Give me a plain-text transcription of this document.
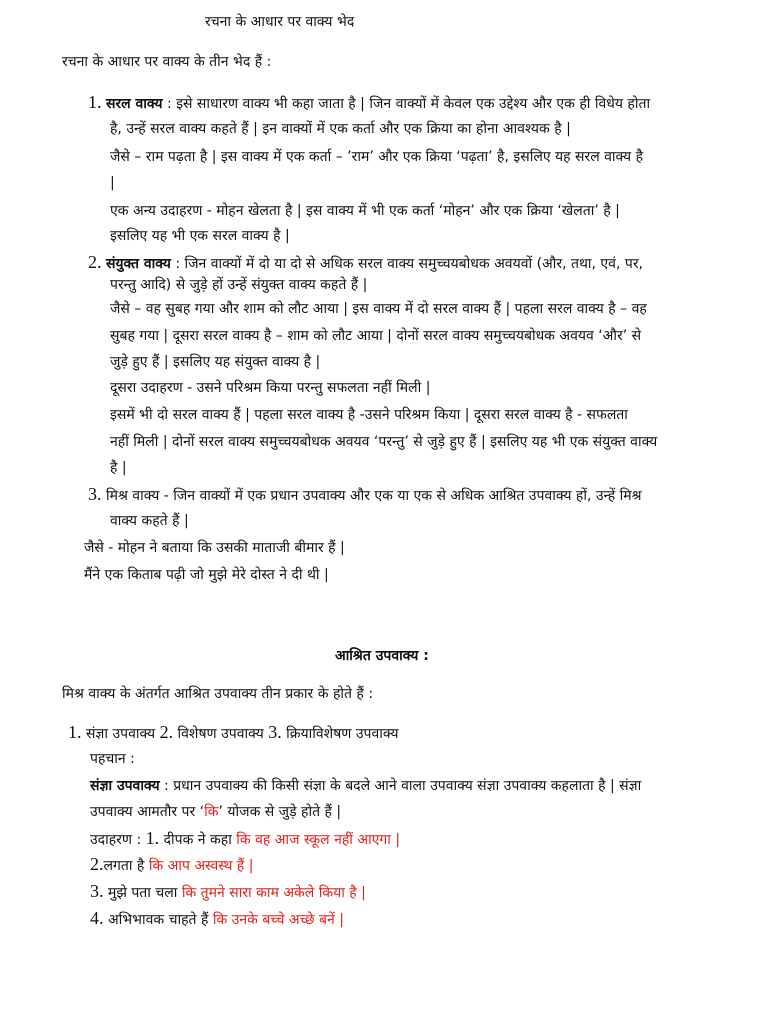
रचना के आधार पर वाक्य भेद
रचना के आधार पर वाक्य के तीन भेद हैं :
1. सरल वाक्य : इसे साधारण वाक्य भी कहा जाता है | जिन वाक्यों में केवल एक उद्देश्य और एक ही विधेय होता
है, उन्हें सरल वाक्य कहते हैं | इन वाक्यों में एक कर्ता और एक क्रिया का होना आवश्यक है |
जैसे – राम पढ़ता है | इस वाक्य में एक कर्ता – ’राम’ और एक क्रिया ‘पढ़ता’ है, इसलिए यह सरल वाक्य है
|
एक अन्य उदाहरण - मोहन खेलता है | इस वाक्य में भी एक कर्ता ‘मोहन’ और एक क्रिया ‘खेलता’ है |
इसलिए यह भी एक सरल वाक्य है |
2. संयुक्त वाक्य : जिन वाक्यों में दो या दो से अधिक सरल वाक्य समुच्चयबोधक अवयवों (और, तथा, एवं, पर,
परन्तु आदि) से जुड़े हों उन्हें संयुक्त वाक्य कहते हैं |
जैसे – वह सुबह गया और शाम को लौट आया | इस वाक्य में दो सरल वाक्य हैं | पहला सरल वाक्य है – वह
सुबह गया | दूसरा सरल वाक्य है – शाम को लौट आया | दोनों सरल वाक्य समुच्चयबोधक अवयव ‘और’ से
जुड़े हुए हैं | इसलिए यह संयुक्त वाक्य है |
दूसरा उदाहरण - उसने परिश्रम किया परन्तु सफलता नहीं मिली |
इसमें भी दो सरल वाक्य हैं | पहला सरल वाक्य है -उसने परिश्रम किया | दूसरा सरल वाक्य है - सफलता
नहीं मिली | दोनों सरल वाक्य समुच्चयबोधक अवयव ‘परन्तु’ से जुड़े हुए हैं | इसलिए यह भी एक संयुक्त वाक्य
है |
3. मिश्र वाक्य - जिन वाक्यों में एक प्रधान उपवाक्य और एक या एक से अधिक आश्रित उपवाक्य हों, उन्हें मिश्र
वाक्य कहते हैं |
जैसे - मोहन ने बताया कि उसकी माताजी बीमार हैं |
मैंने एक किताब पढ़ी जो मुझे मेरे दोस्त ने दी थी |
आश्रित उपवाक्य :
मिश्र वाक्य के अंतर्गत आश्रित उपवाक्य तीन प्रकार के होते हैं :
1. संज्ञा उपवाक्य 2. विशेषण उपवाक्य 3. क्रियाविशेषण उपवाक्य
पहचान :
संज्ञा उपवाक्य : प्रधान उपवाक्य की किसी संज्ञा के बदले आने वाला उपवाक्य संज्ञा उपवाक्य कहलाता है | संज्ञा
उपवाक्य आमतौर पर ‘कि’ योजक से जुड़े होते हैं |
उदाहरण : 1. दीपक ने कहा कि वह आज स्कूल नहीं आएगा |
2.लगता है कि आप अस्वस्थ हैं |
3. मुझे पता चला कि तुमने सारा काम अकेले किया है |
4. अभिभावक चाहते हैं कि उनके बच्चे अच्छे बनें |
